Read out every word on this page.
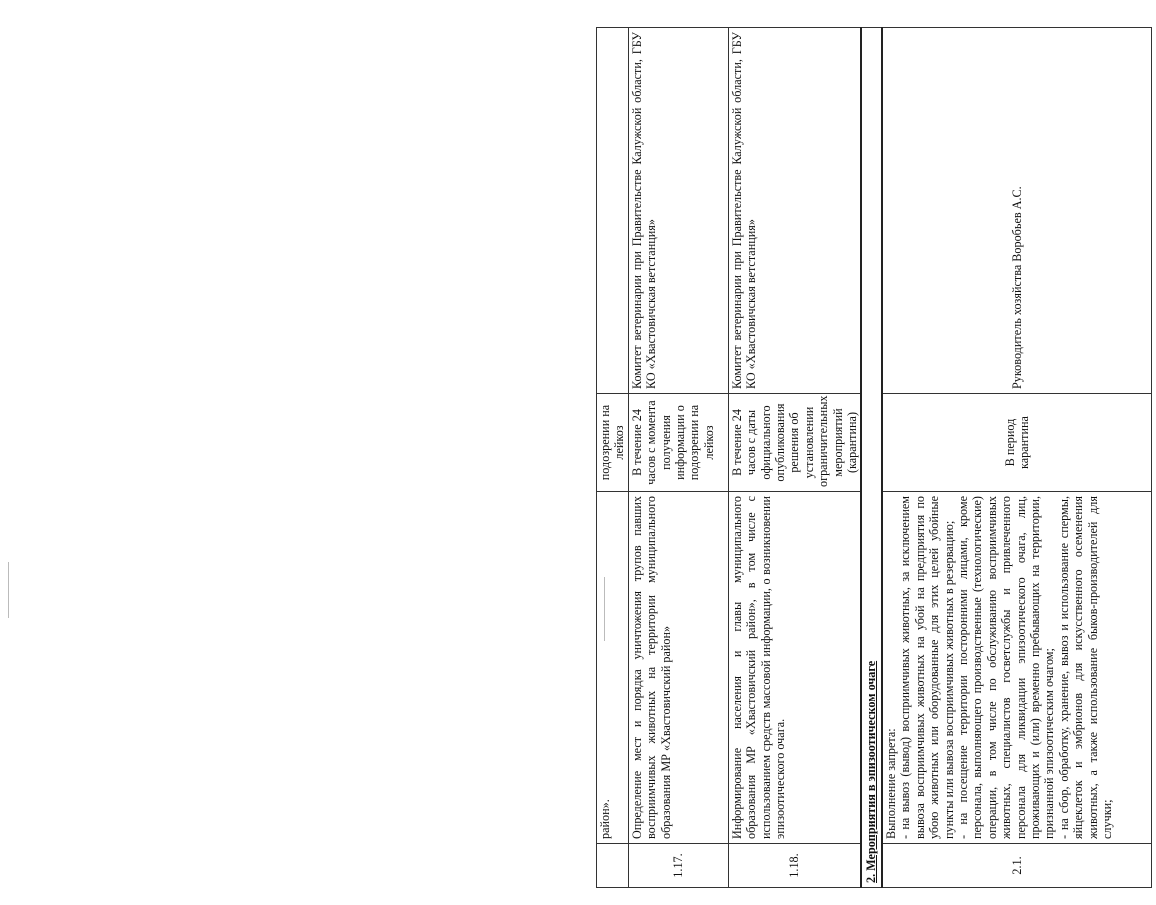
	район».	подозрении на лейкоз	
1.17.	Определение мест и порядка уничтожения трупов павших восприимчивых животных на территории муниципального образования МР «Хвастовичский район»	В течение 24 часов с момента получения информации о подозрении на лейкоз	Комитет ветеринарии при Правительстве Калужской области, ГБУ КО «Хвастовичская ветстанция»
1.18.	Информирование населения и главы муниципального образования МР «Хвастовичский район», в том числе с использованием средств массовой информации, о возникновении эпизоотического очага.	В течение 24 часов с даты официального опубликования решения об установлении ограничительных мероприятий (карантина)	Комитет ветеринарии при Правительстве Калужской области, ГБУ КО «Хвастовичская ветстанция»
2. Мероприятия в эпизоотическом очаге			
2.1.	Выполнение запрета: - на вывоз (вывод) восприимчивых животных, за исключением вывоза восприимчивых животных на убой на предприятия по убою животных или оборудованные для этих целей убойные пункты или вывоза восприимчивых животных в резервацию; - на посещение территории посторонними лицами, кроме персонала, выполняющего производственные (технологические) операции, в том числе по обслуживанию восприимчивых животных, специалистов госветслужбы и привлеченного персонала для ликвидации эпизоотического очага, лиц, проживающих и (или) временно пребывающих на территории, признанной эпизоотическим очагом; - на сбор, обработку, хранение, вывоз и использование спермы, яйцеклеток и эмбрионов для искусственного осеменения животных, а также использование быков-производителей для случки;	В период карантина	Руководитель хозяйства Воробьев А.С.
